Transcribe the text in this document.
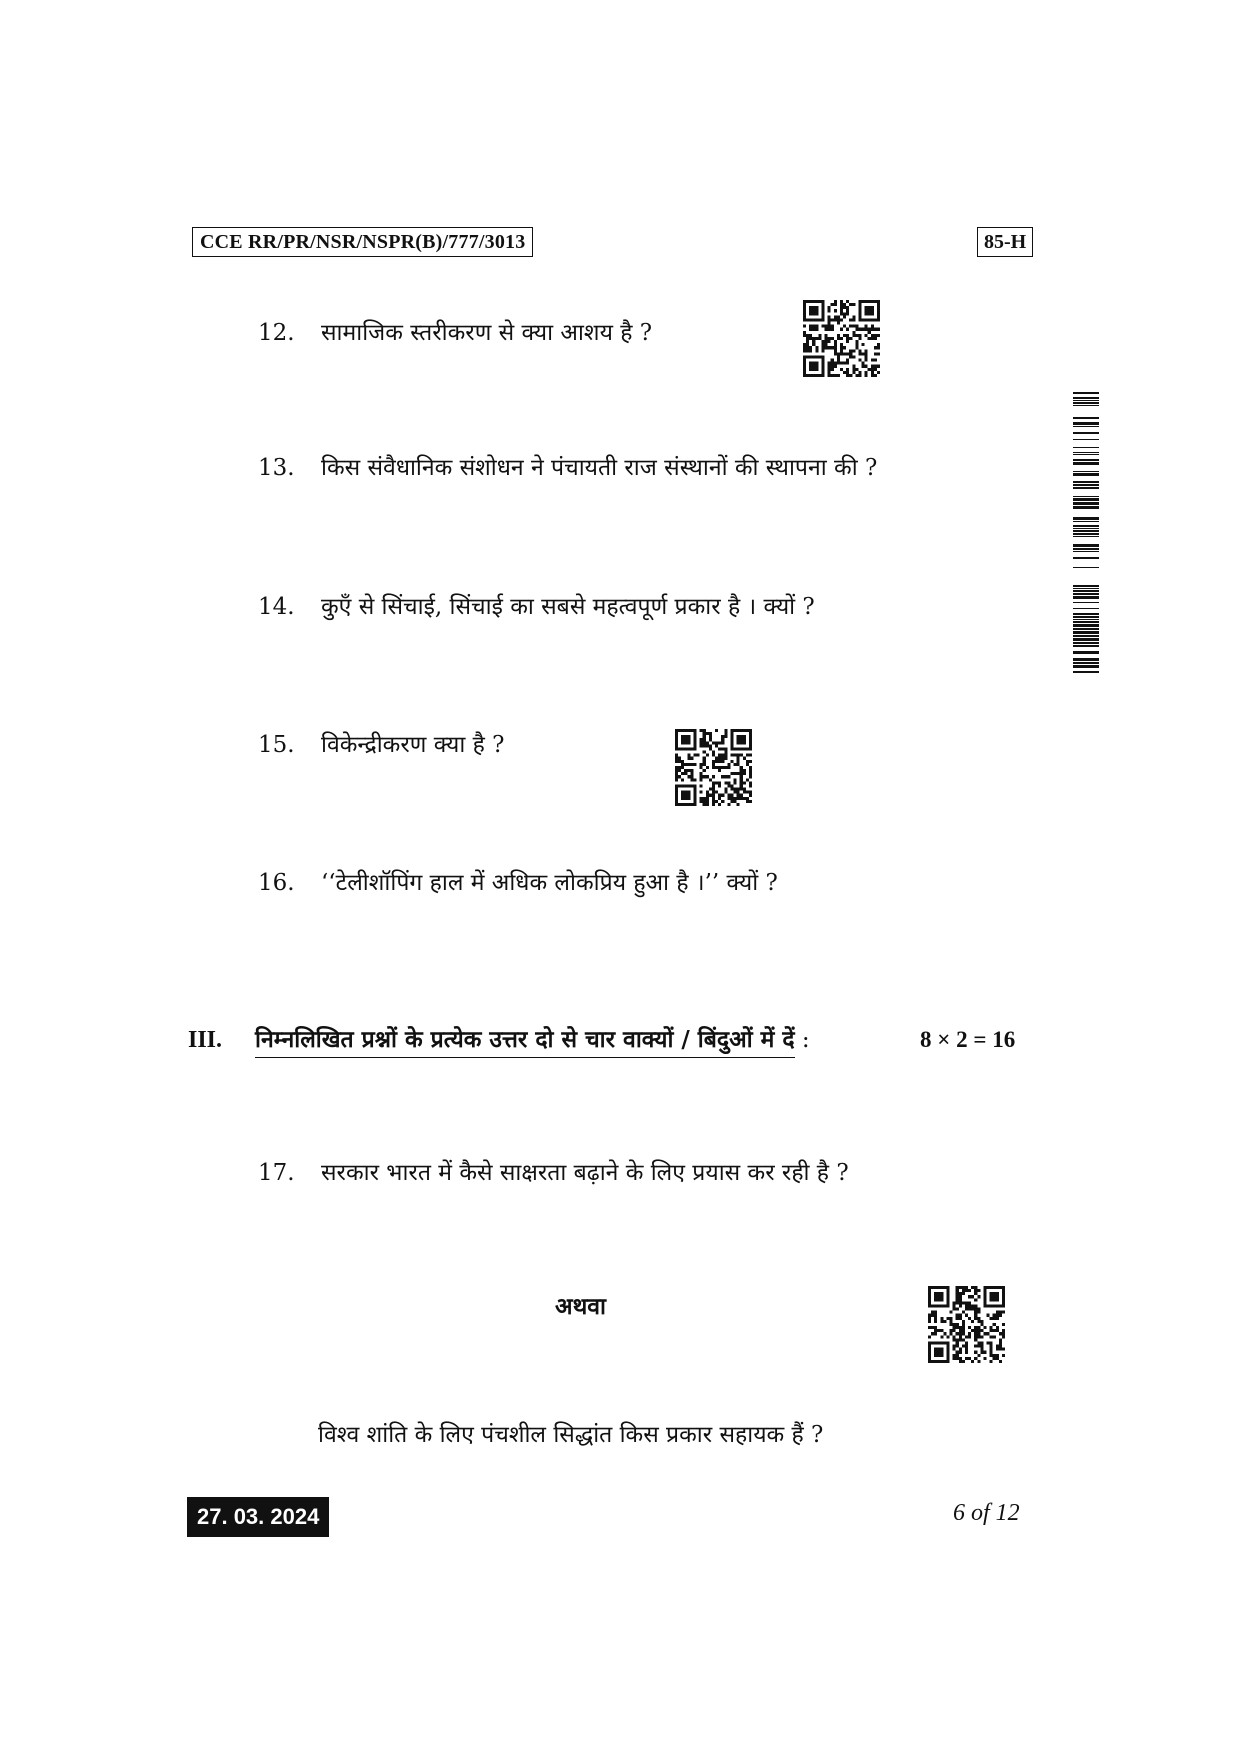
CCE RR/PR/NSR/NSPR(B)/777/3013	85-H
12. सामाजिक स्तरीकरण से क्या आशय है ?
13. किस संवैधानिक संशोधन ने पंचायती राज संस्थानों की स्थापना की ?
14. कुएँ से सिंचाई, सिंचाई का सबसे महत्वपूर्ण प्रकार है । क्यों ?
15. विकेन्द्रीकरण क्या है ?
16. ‘‘टेलीशॉपिंग हाल में अधिक लोकप्रिय हुआ है ।’’ क्यों ?
III. निम्नलिखित प्रश्नों के प्रत्येक उत्तर दो से चार वाक्यों / बिंदुओं में दें :	8 × 2 = 16
17. सरकार भारत में कैसे साक्षरता बढ़ाने के लिए प्रयास कर रही है ?
अथवा
विश्व शांति के लिए पंचशील सिद्धांत किस प्रकार सहायक हैं ?
27. 03. 2024	6 of 12
